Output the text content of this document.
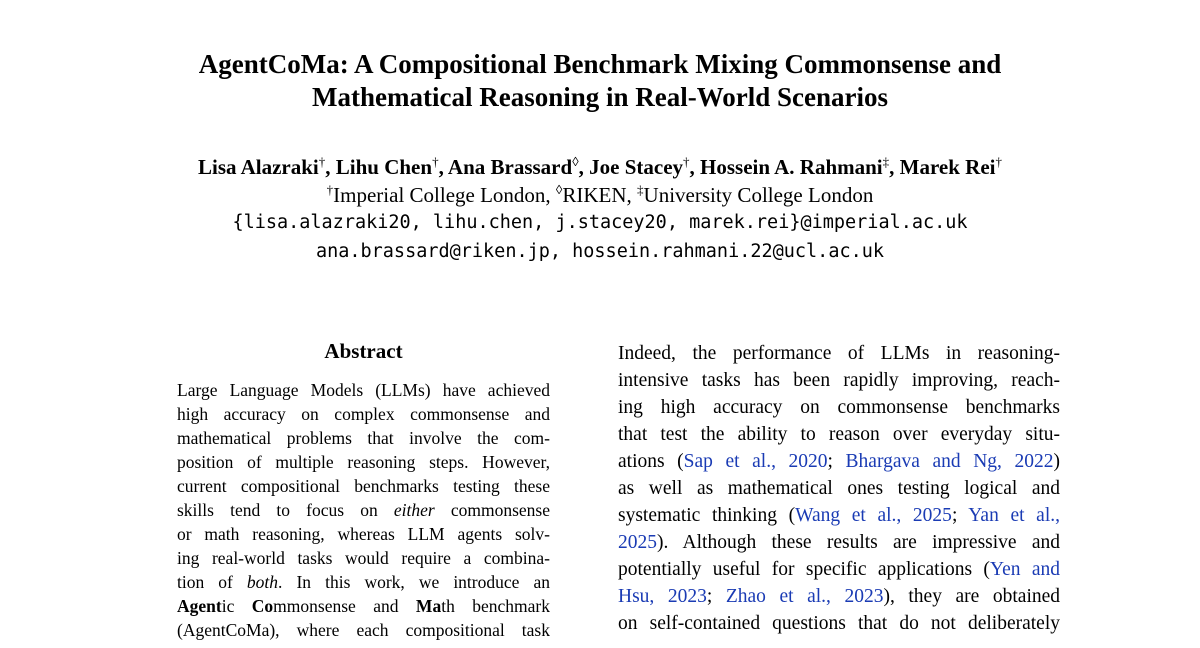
AgentCoMa: A Compositional Benchmark Mixing Commonsense and
Mathematical Reasoning in Real-World Scenarios
Lisa Alazraki†, Lihu Chen†, Ana Brassard◊, Joe Stacey†, Hossein A. Rahmani‡, Marek Rei†
†Imperial College London, ◊RIKEN, ‡University College London
{lisa.alazraki20, lihu.chen, j.stacey20, marek.rei}@imperial.ac.uk
ana.brassard@riken.jp, hossein.rahmani.22@ucl.ac.uk
Abstract
Large Language Models (LLMs) have achieved
high accuracy on complex commonsense and
mathematical problems that involve the com-
position of multiple reasoning steps. However,
current compositional benchmarks testing these
skills tend to focus on either commonsense
or math reasoning, whereas LLM agents solv-
ing real-world tasks would require a combina-
tion of both. In this work, we introduce an
Agentic Commonsense and Math benchmark
(AgentCoMa), where each compositional task
Indeed, the performance of LLMs in reasoning-
intensive tasks has been rapidly improving, reach-
ing high accuracy on commonsense benchmarks
that test the ability to reason over everyday situ-
ations (Sap et al., 2020; Bhargava and Ng, 2022)
as well as mathematical ones testing logical and
systematic thinking (Wang et al., 2025; Yan et al.,
2025). Although these results are impressive and
potentially useful for specific applications (Yen and
Hsu, 2023; Zhao et al., 2023), they are obtained
on self-contained questions that do not deliberately
